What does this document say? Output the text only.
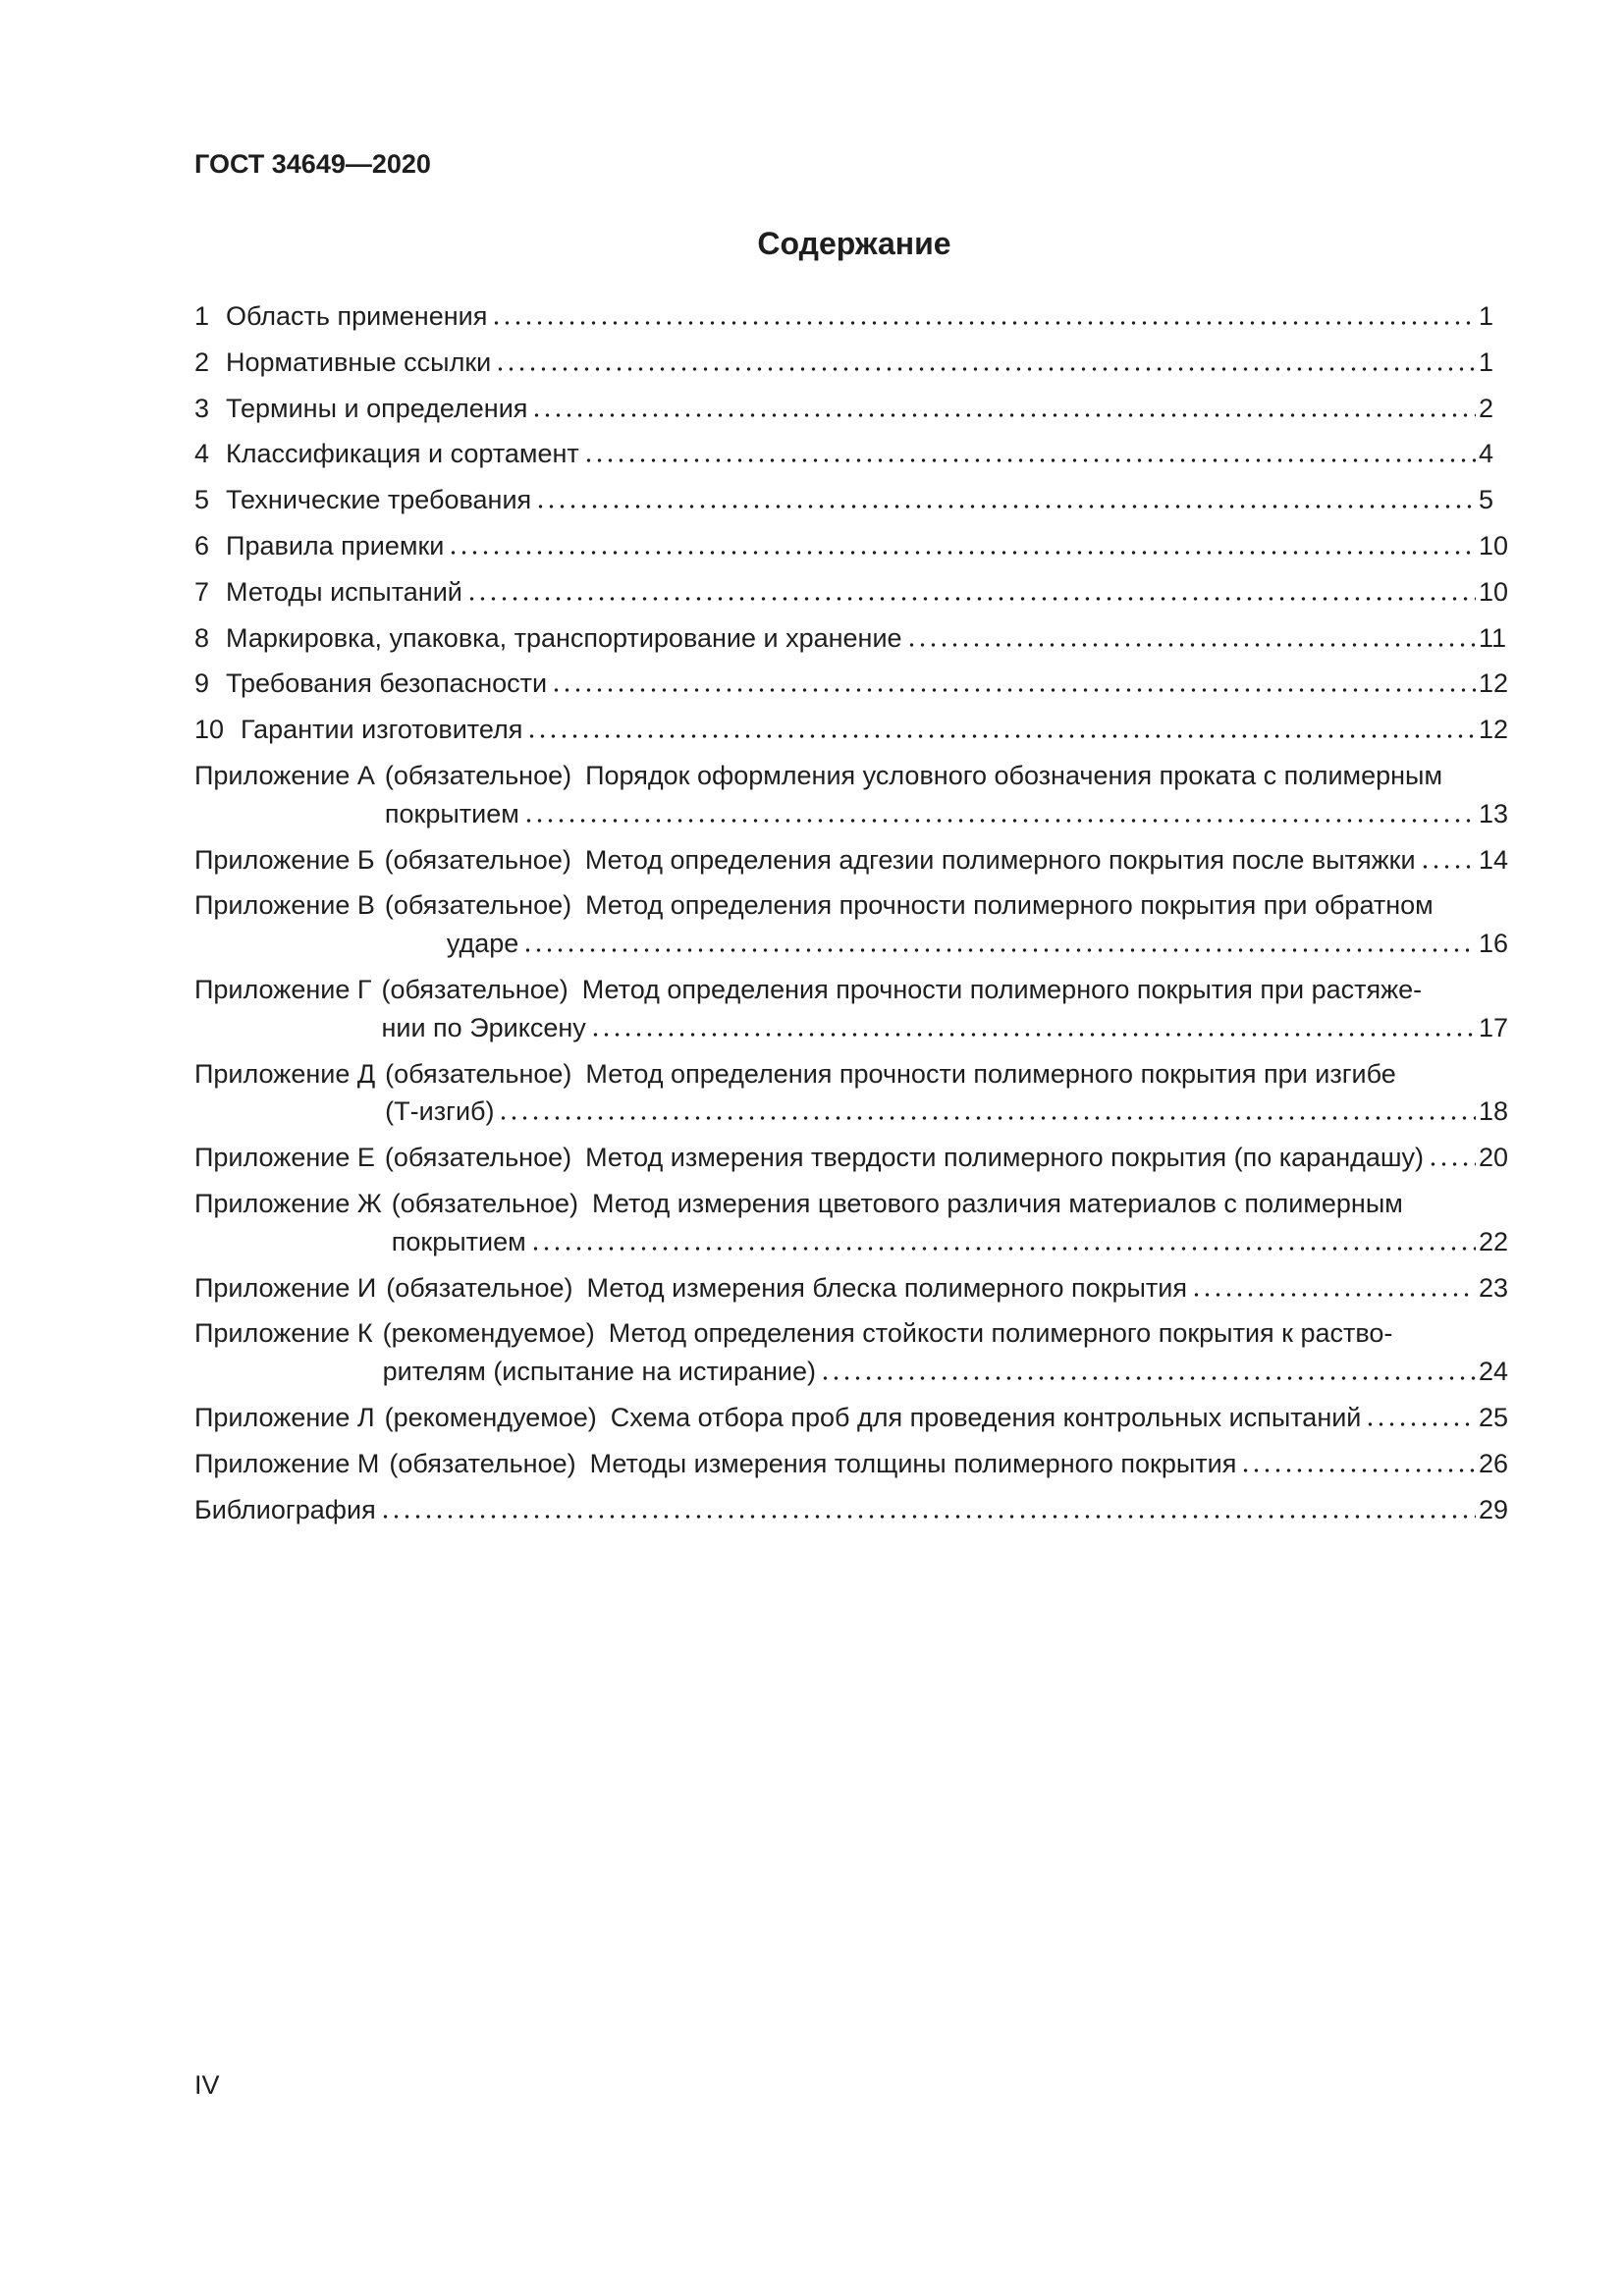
ГОСТ 34649—2020
Содержание
1 Область применения	1
2 Нормативные ссылки	1
3 Термины и определения	2
4 Классификация и сортамент	4
5 Технические требования	5
6 Правила приемки	10
7 Методы испытаний	10
8 Маркировка, упаковка, транспортирование и хранение	11
9 Требования безопасности	12
10 Гарантии изготовителя	12
Приложение А (обязательное) Порядок оформления условного обозначения проката с полимерным
покрытием	13
Приложение Б (обязательное) Метод определения адгезии полимерного покрытия после вытяжки 14
Приложение В (обязательное) Метод определения прочности полимерного покрытия при обратном
ударе	16
Приложение Г (обязательное) Метод определения прочности полимерного покрытия при растяже-
нии по Эриксену	17
Приложение Д (обязательное) Метод определения прочности полимерного покрытия при изгибе
(Т-изгиб)	18
Приложение Е (обязательное) Метод измерения твердости полимерного покрытия (по карандашу) 20
Приложение Ж (обязательное) Метод измерения цветового различия материалов с полимерным
покрытием	22
Приложение И (обязательное) Метод измерения блеска полимерного покрытия	23
Приложение К (рекомендуемое) Метод определения стойкости полимерного покрытия к раство-
рителям (испытание на истирание)	24
Приложение Л (рекомендуемое) Схема отбора проб для проведения контрольных испытаний	25
Приложение М (обязательное) Методы измерения толщины полимерного покрытия	26
Библиография	29
IV
